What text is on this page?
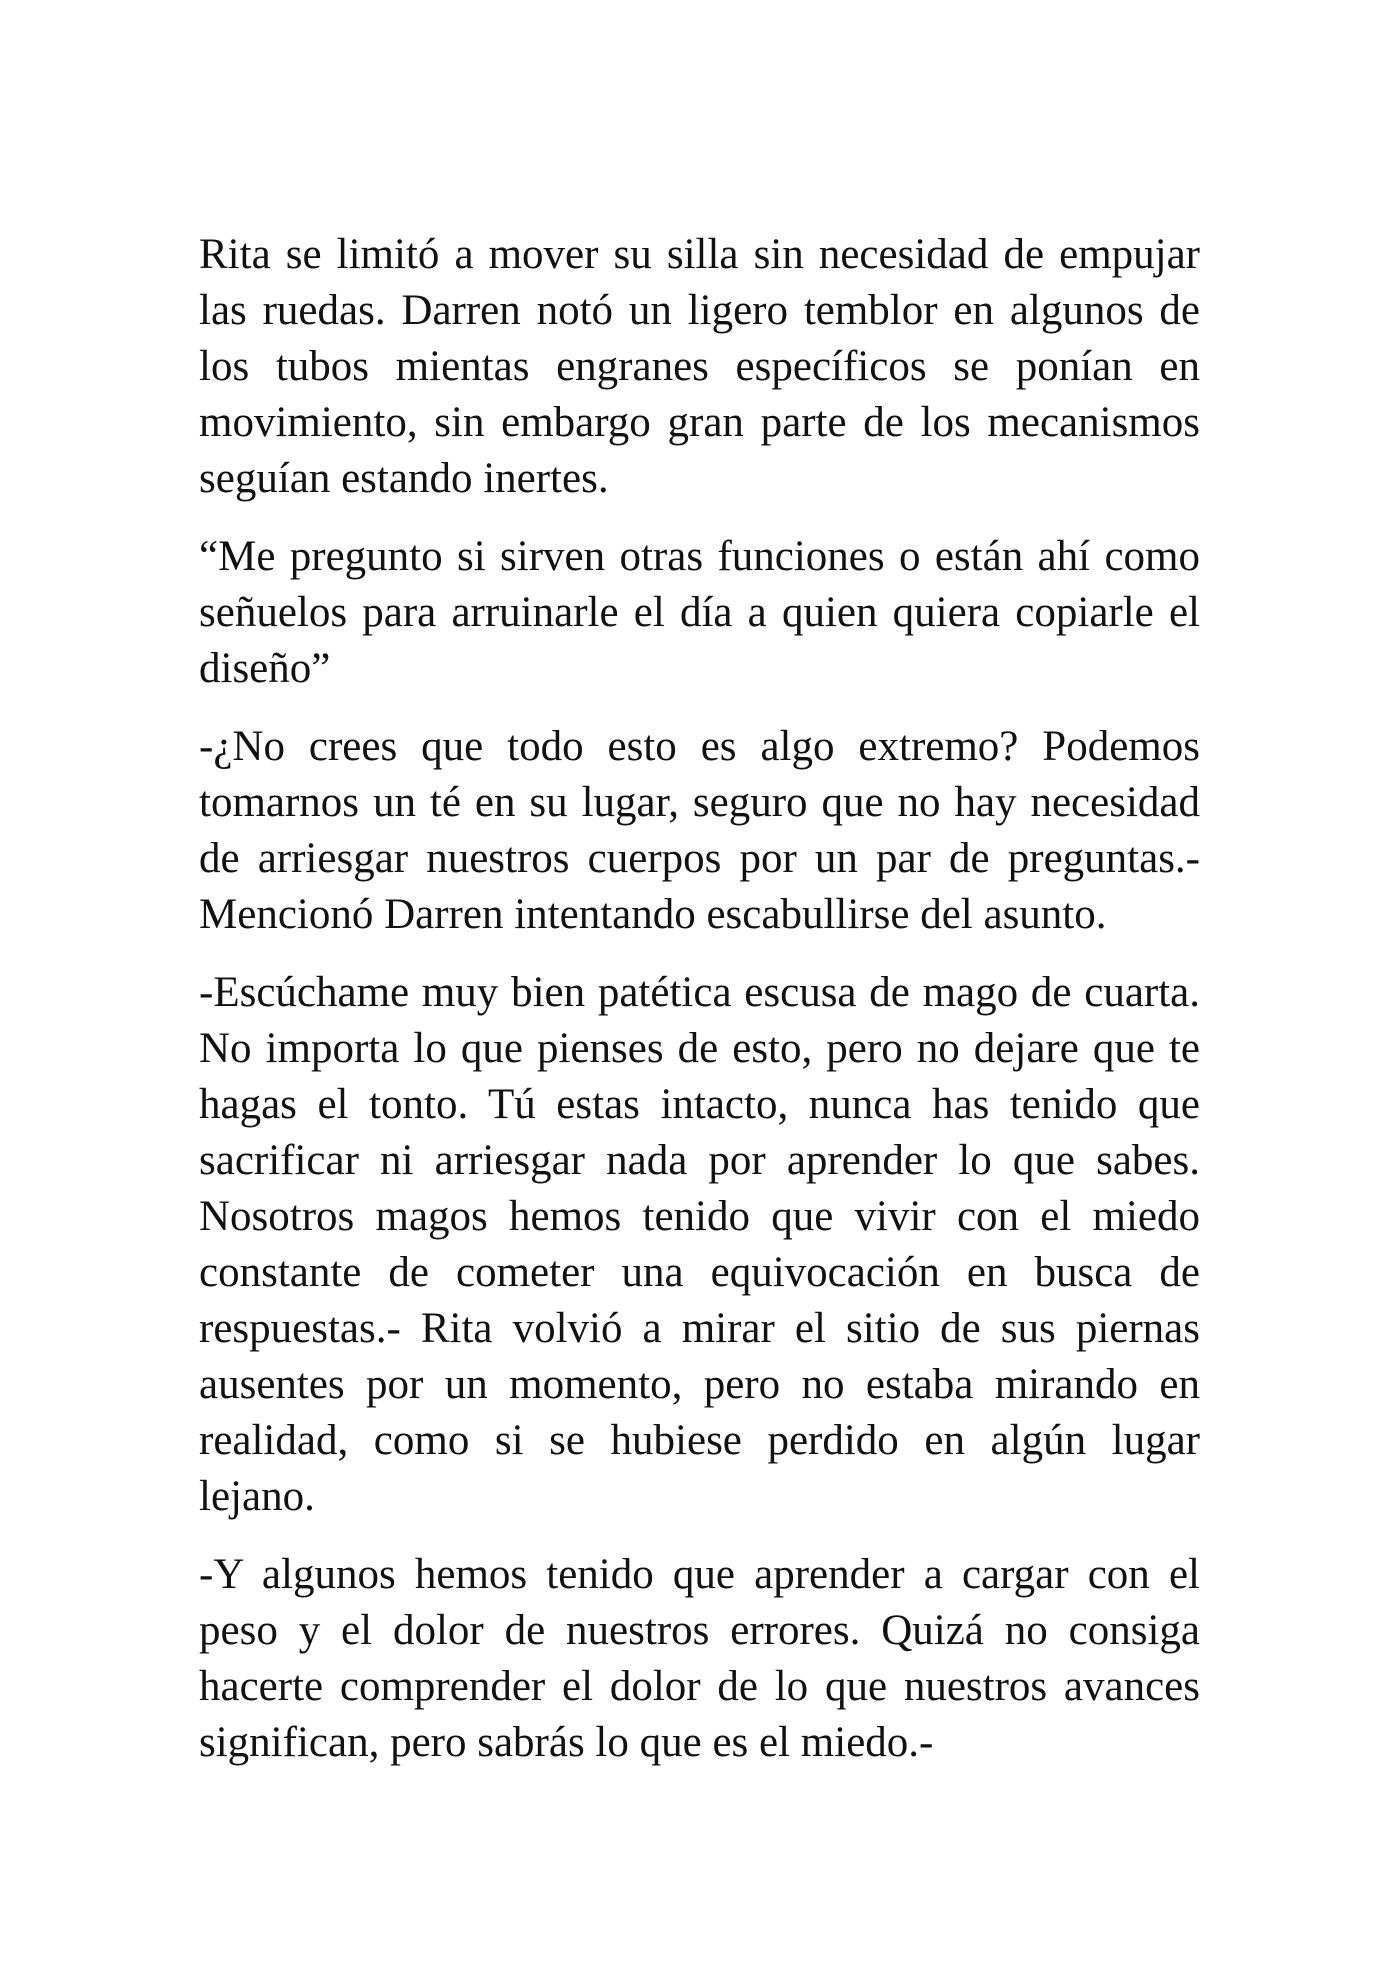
Rita se limitó a mover su silla sin necesidad de empujar las ruedas. Darren notó un ligero temblor en algunos de los tubos mientas engranes específicos se ponían en movimiento, sin embargo gran parte de los mecanismos seguían estando inertes.

“Me pregunto si sirven otras funciones o están ahí como señuelos para arruinarle el día a quien quiera copiarle el diseño”

-¿No crees que todo esto es algo extremo? Podemos tomarnos un té en su lugar, seguro que no hay necesidad de arriesgar nuestros cuerpos por un par de preguntas.- Mencionó Darren intentando escabullirse del asunto.

-Escúchame muy bien patética escusa de mago de cuarta. No importa lo que pienses de esto, pero no dejare que te hagas el tonto. Tú estas intacto, nunca has tenido que sacrificar ni arriesgar nada por aprender lo que sabes. Nosotros magos hemos tenido que vivir con el miedo constante de cometer una equivocación en busca de respuestas.- Rita volvió a mirar el sitio de sus piernas ausentes por un momento, pero no estaba mirando en realidad, como si se hubiese perdido en algún lugar lejano.

-Y algunos hemos tenido que aprender a cargar con el peso y el dolor de nuestros errores. Quizá no consiga hacerte comprender el dolor de lo que nuestros avances significan, pero sabrás lo que es el miedo.-
